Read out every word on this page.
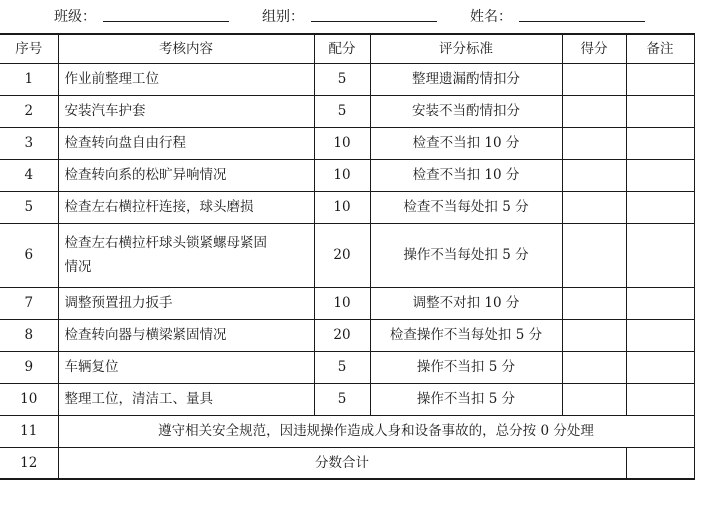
班级：	组别：	姓名：
序号	考核内容	配分	评分标准	得分	备注
1	作业前整理工位	5	整理遗漏酌情扣分		
2	安装汽车护套	5	安装不当酌情扣分		
3	检查转向盘自由行程	10	检查不当扣 10 分		
4	检查转向系的松旷异响情况	10	检查不当扣 10 分		
5	检查左右横拉杆连接，球头磨损	10	检查不当每处扣 5 分		
6	检查左右横拉杆球头锁紧螺母紧固情况	20	操作不当每处扣 5 分		
7	调整预置扭力扳手	10	调整不对扣 10 分		
8	检查转向器与横梁紧固情况	20	检查操作不当每处扣 5 分		
9	车辆复位	5	操作不当扣 5 分		
10	整理工位，清洁工、量具	5	操作不当扣 5 分		
11	遵守相关安全规范，因违规操作造成人身和设备事故的，总分按 0 分处理				
12	分数合计				
